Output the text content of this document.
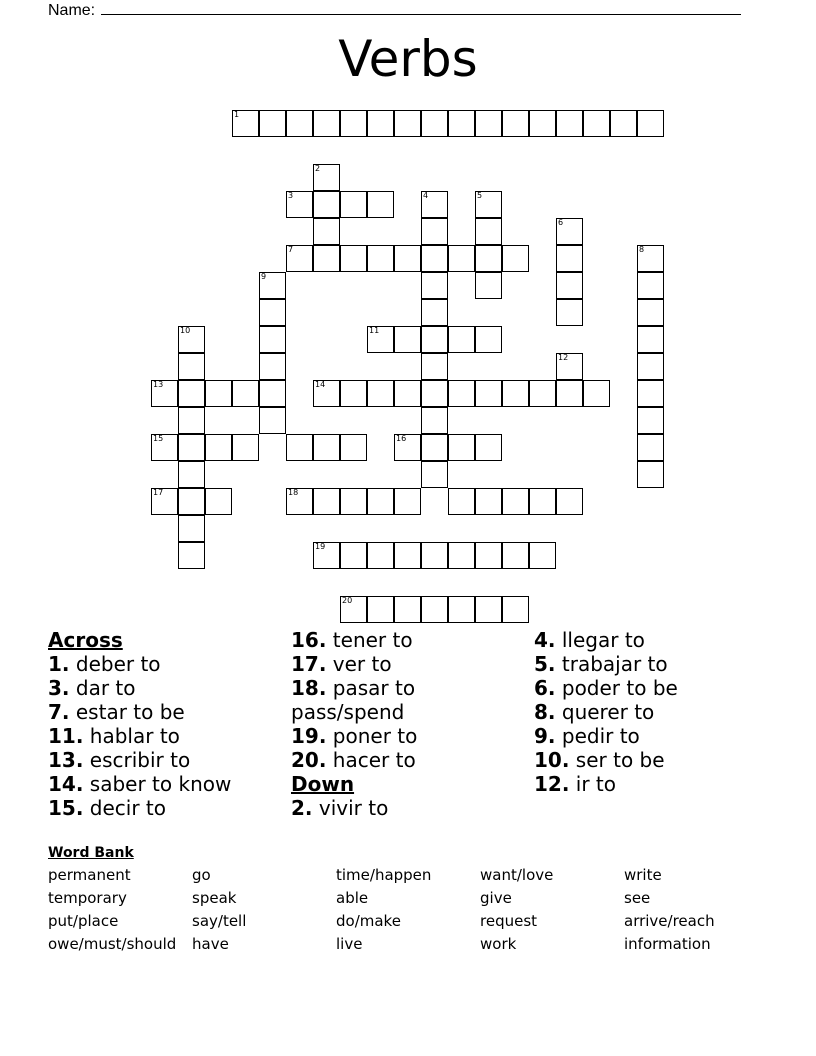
Name:
Verbs
1
2
3	4	5
6
7	8
9
10	11
12
13	14
15	16
17	18
19
20
Across
1. deber to
3. dar to
7. estar to be
11. hablar to
13. escribir to
14. saber to know
15. decir to
16. tener to
17. ver to
18. pasar to pass/spend
19. poner to
20. hacer to
Down
2. vivir to
4. llegar to
5. trabajar to
6. poder to be
8. querer to
9. pedir to
10. ser to be
12. ir to
Word Bank
permanent
temporary
put/place
owe/must/should
go
speak
say/tell
have
time/happen
able
do/make
live
want/love
give
request
work
write
see
arrive/reach
information
